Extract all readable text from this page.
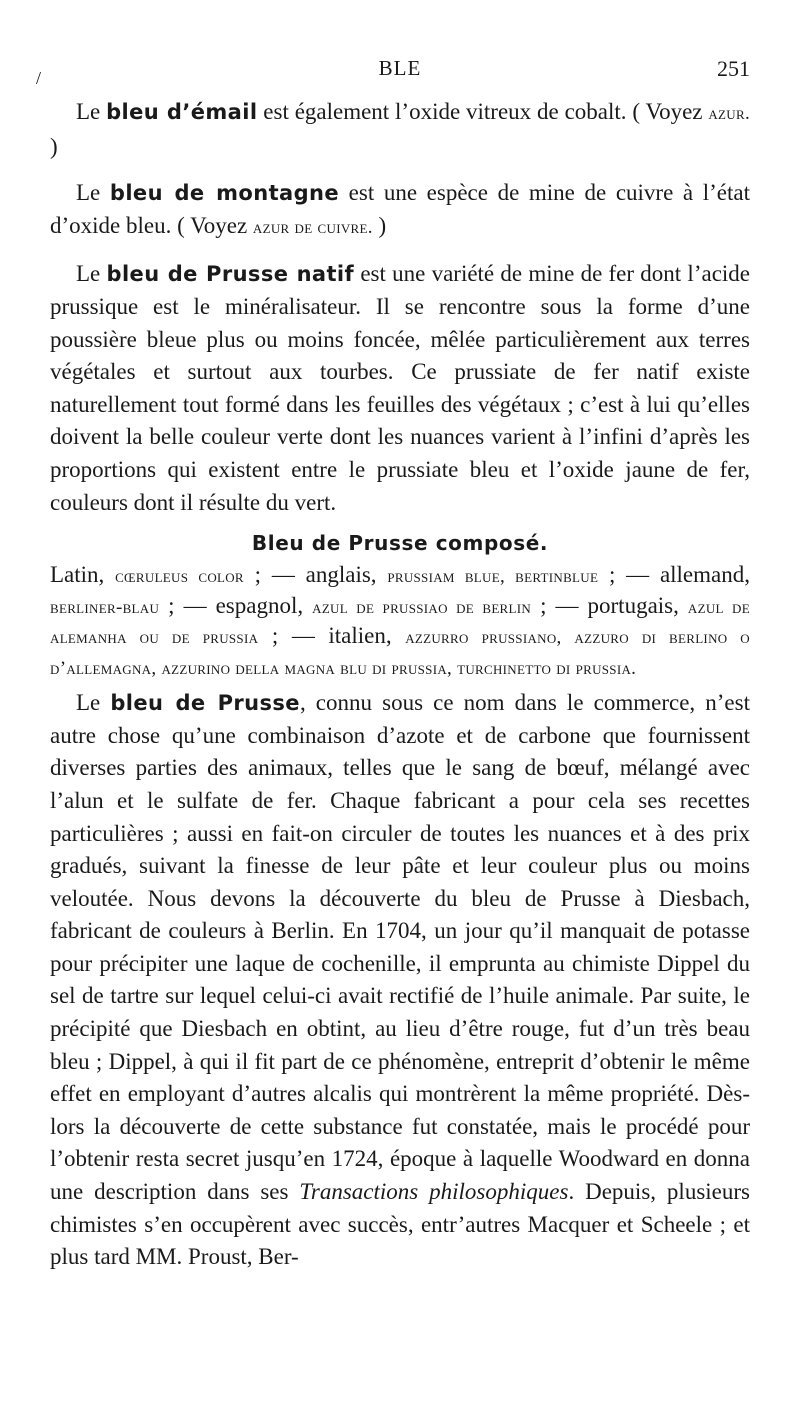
/	BLE	251

Le bleu d’émail est également l’oxide vitreux de cobalt. ( Voyez azur. )

Le bleu de montagne est une espèce de mine de cuivre à l’état d’oxide bleu. ( Voyez azur de cuivre. )

Le bleu de Prusse natif est une variété de mine de fer dont l’acide prussique est le minéralisateur. Il se rencontre sous la forme d’une poussière bleue plus ou moins foncée, mêlée particulièrement aux terres végétales et surtout aux tourbes. Ce prussiate de fer natif existe naturellement tout formé dans les feuilles des végétaux ; c’est à lui qu’elles doivent la belle couleur verte dont les nuances varient à l’infini d’après les proportions qui existent entre le prussiate bleu et l’oxide jaune de fer, couleurs dont il résulte du vert.

Bleu de Prusse composé.

Latin, cœruleus color ; — anglais, prussiam blue, bertinblue ; — allemand, berliner-blau ; — espagnol, azul de prussiao de berlin ; — portugais, azul de alemanha ou de prussia ; — italien, azzurro prussiano, azzuro di berlino o d’allemagna, azzurino della magna blu di prussia, turchinetto di prussia.

Le bleu de Prusse, connu sous ce nom dans le commerce, n’est autre chose qu’une combinaison d’azote et de carbone que fournissent diverses parties des animaux, telles que le sang de bœuf, mélangé avec l’alun et le sulfate de fer. Chaque fabricant a pour cela ses recettes particulières ; aussi en fait-on circuler de toutes les nuances et à des prix gradués, suivant la finesse de leur pâte et leur couleur plus ou moins veloutée. Nous devons la découverte du bleu de Prusse à Diesbach, fabricant de couleurs à Berlin. En 1704, un jour qu’il manquait de potasse pour précipiter une laque de cochenille, il emprunta au chimiste Dippel du sel de tartre sur lequel celui-ci avait rectifié de l’huile animale. Par suite, le précipité que Diesbach en obtint, au lieu d’être rouge, fut d’un très beau bleu ; Dippel, à qui il fit part de ce phénomène, entreprit d’obtenir le même effet en employant d’autres alcalis qui montrèrent la même propriété. Dès-lors la découverte de cette substance fut constatée, mais le procédé pour l’obtenir resta secret jusqu’en 1724, époque à laquelle Woodward en donna une description dans ses Transactions philosophiques. Depuis, plusieurs chimistes s’en occupèrent avec succès, entr’autres Macquer et Scheele ; et plus tard MM. Proust, Ber-
